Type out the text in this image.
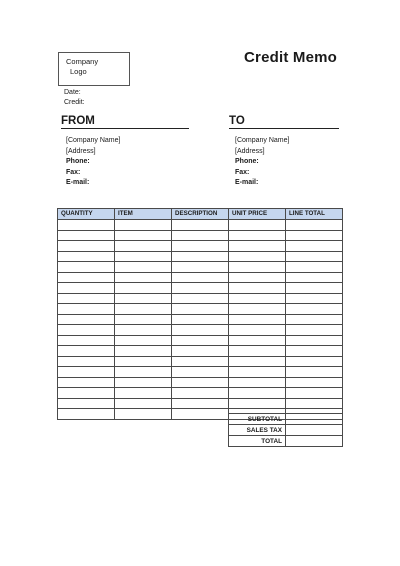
Company
Logo
Credit Memo
Date:
Credit:
FROM	TO
[Company Name]
[Address]
Phone:
Fax:
E-mail:
[Company Name]
[Address]
Phone:
Fax:
E-mail:
QUANTITY	ITEM	DESCRIPTION	UNIT PRICE	LINE TOTAL

SUBTOTAL	
SALES TAX	
TOTAL	
